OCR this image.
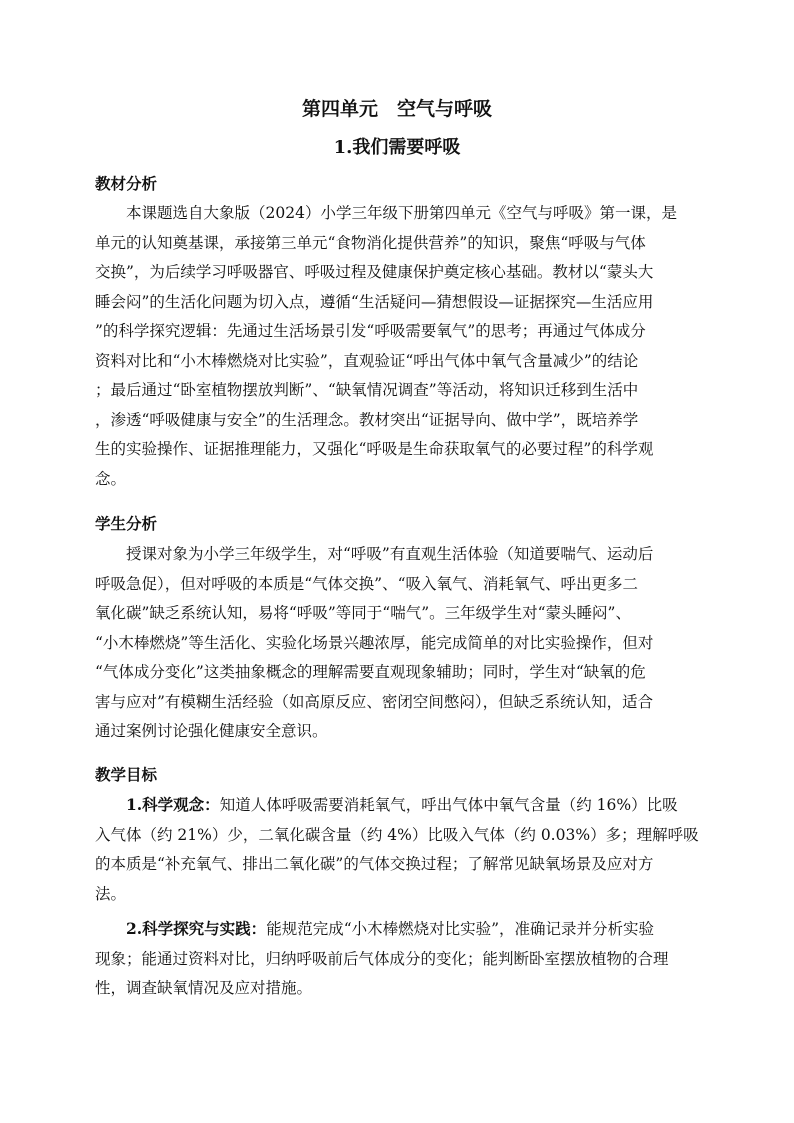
第四单元　空气与呼吸
1.我们需要呼吸
教材分析
本课题选自大象版（2024）小学三年级下册第四单元《空气与呼吸》第一课，是
单元的认知奠基课，承接第三单元“食物消化提供营养”的知识，聚焦“呼吸与气体
交换”，为后续学习呼吸器官、呼吸过程及健康保护奠定核心基础。教材以“蒙头大
睡会闷”的生活化问题为切入点，遵循“生活疑问—猜想假设—证据探究—生活应用
”的科学探究逻辑：先通过生活场景引发“呼吸需要氧气”的思考；再通过气体成分
资料对比和“小木棒燃烧对比实验”，直观验证“呼出气体中氧气含量减少”的结论
；最后通过“卧室植物摆放判断”、“缺氧情况调查”等活动，将知识迁移到生活中
，渗透“呼吸健康与安全”的生活理念。教材突出“证据导向、做中学”，既培养学
生的实验操作、证据推理能力，又强化“呼吸是生命获取氧气的必要过程”的科学观
念。
学生分析
授课对象为小学三年级学生，对“呼吸”有直观生活体验（知道要喘气、运动后
呼吸急促），但对呼吸的本质是“气体交换”、“吸入氧气、消耗氧气、呼出更多二
氧化碳”缺乏系统认知，易将“呼吸”等同于“喘气”。三年级学生对“蒙头睡闷”、
“小木棒燃烧”等生活化、实验化场景兴趣浓厚，能完成简单的对比实验操作，但对
“气体成分变化”这类抽象概念的理解需要直观现象辅助；同时，学生对“缺氧的危
害与应对”有模糊生活经验（如高原反应、密闭空间憋闷），但缺乏系统认知，适合
通过案例讨论强化健康安全意识。
教学目标
1.科学观念：知道人体呼吸需要消耗氧气，呼出气体中氧气含量（约 16%）比吸
入气体（约 21%）少，二氧化碳含量（约 4%）比吸入气体（约 0.03%）多；理解呼吸
的本质是“补充氧气、排出二氧化碳”的气体交换过程；了解常见缺氧场景及应对方
法。
2.科学探究与实践：能规范完成“小木棒燃烧对比实验”，准确记录并分析实验
现象；能通过资料对比，归纳呼吸前后气体成分的变化；能判断卧室摆放植物的合理
性，调查缺氧情况及应对措施。
